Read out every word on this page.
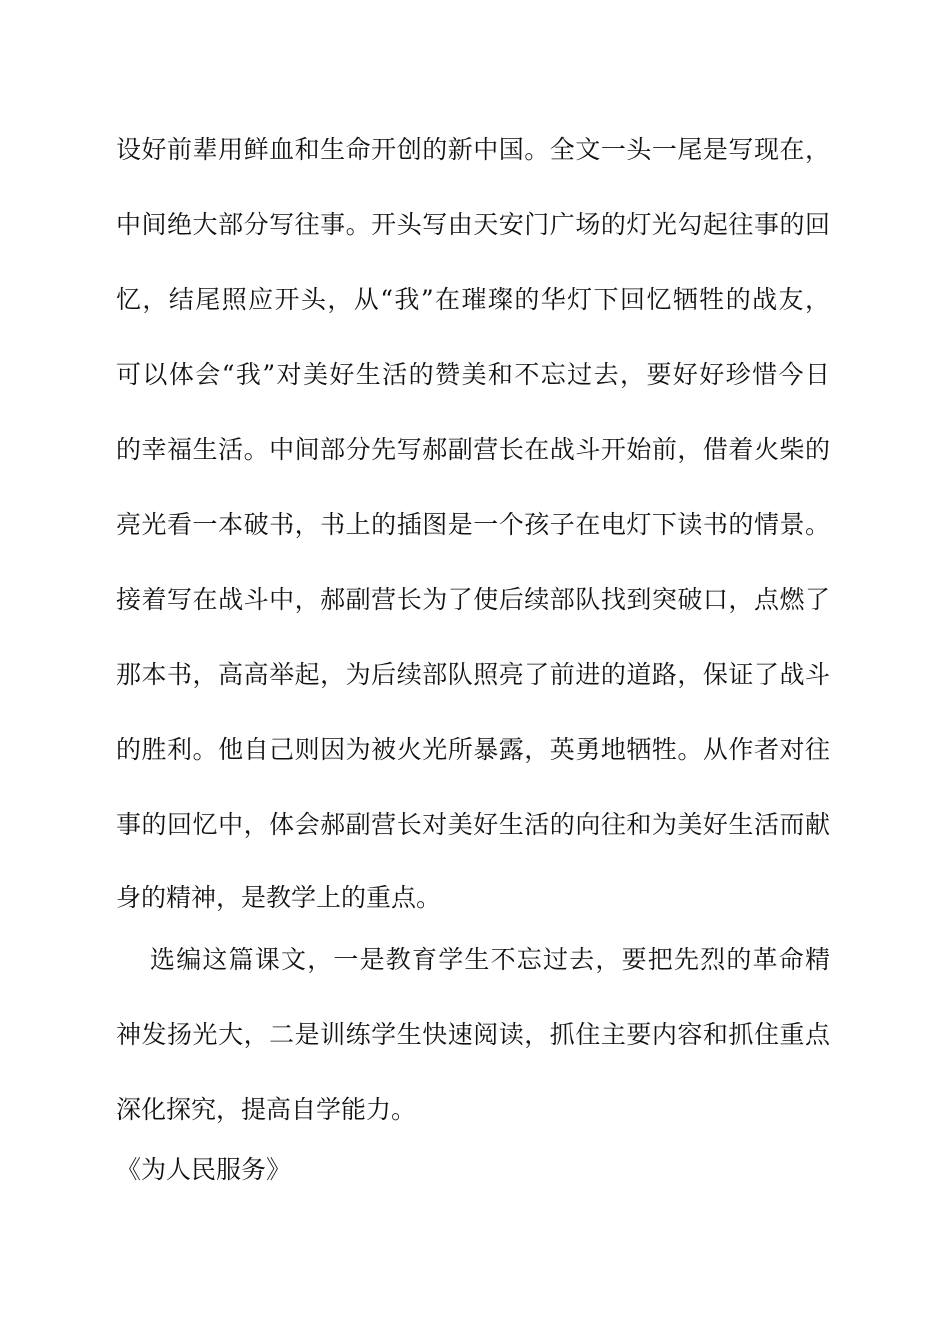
设好前辈用鲜血和生命开创的新中国。全文一头一尾是写现在，
中间绝大部分写往事。开头写由天安门广场的灯光勾起往事的回
忆，结尾照应开头，从“我”在璀璨的华灯下回忆牺牲的战友，
可以体会“我”对美好生活的赞美和不忘过去，要好好珍惜今日
的幸福生活。中间部分先写郝副营长在战斗开始前，借着火柴的
亮光看一本破书，书上的插图是一个孩子在电灯下读书的情景。
接着写在战斗中，郝副营长为了使后续部队找到突破口，点燃了
那本书，高高举起，为后续部队照亮了前进的道路，保证了战斗
的胜利。他自己则因为被火光所暴露，英勇地牺牲。从作者对往
事的回忆中，体会郝副营长对美好生活的向往和为美好生活而献
身的精神，是教学上的重点。
选编这篇课文，一是教育学生不忘过去，要把先烈的革命精
神发扬光大，二是训练学生快速阅读，抓住主要内容和抓住重点
深化探究，提高自学能力。
《为人民服务》
